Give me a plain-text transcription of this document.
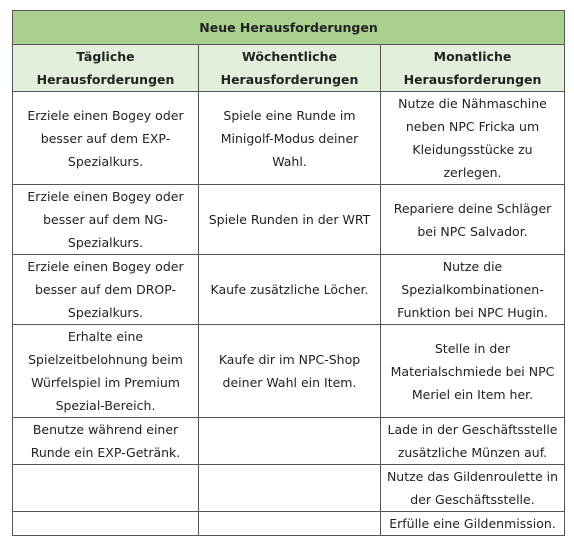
Neue Herausforderungen		
Tägliche Herausforderungen	Wöchentliche Herausforderungen	Monatliche Herausforderungen
Erziele einen Bogey oder besser auf dem EXP-Spezialkurs.	Spiele eine Runde im Minigolf-Modus deiner Wahl.	Nutze die Nähmaschine neben NPC Fricka um Kleidungsstücke zu zerlegen.
Erziele einen Bogey oder besser auf dem NG-Spezialkurs.	Spiele Runden in der WRT	Repariere deine Schläger bei NPC Salvador.
Erziele einen Bogey oder besser auf dem DROP-Spezialkurs.	Kaufe zusätzliche Löcher.	Nutze die Spezialkombinationen-Funktion bei NPC Hugin.
Erhalte eine Spielzeitbelohnung beim Würfelspiel im Premium Spezial-Bereich.	Kaufe dir im NPC-Shop deiner Wahl ein Item.	Stelle in der Materialschmiede bei NPC Meriel ein Item her.
Benutze während einer Runde ein EXP-Getränk.		Lade in der Geschäftsstelle zusätzliche Münzen auf.
		Nutze das Gildenroulette in der Geschäftsstelle.
		Erfülle eine Gildenmission.
